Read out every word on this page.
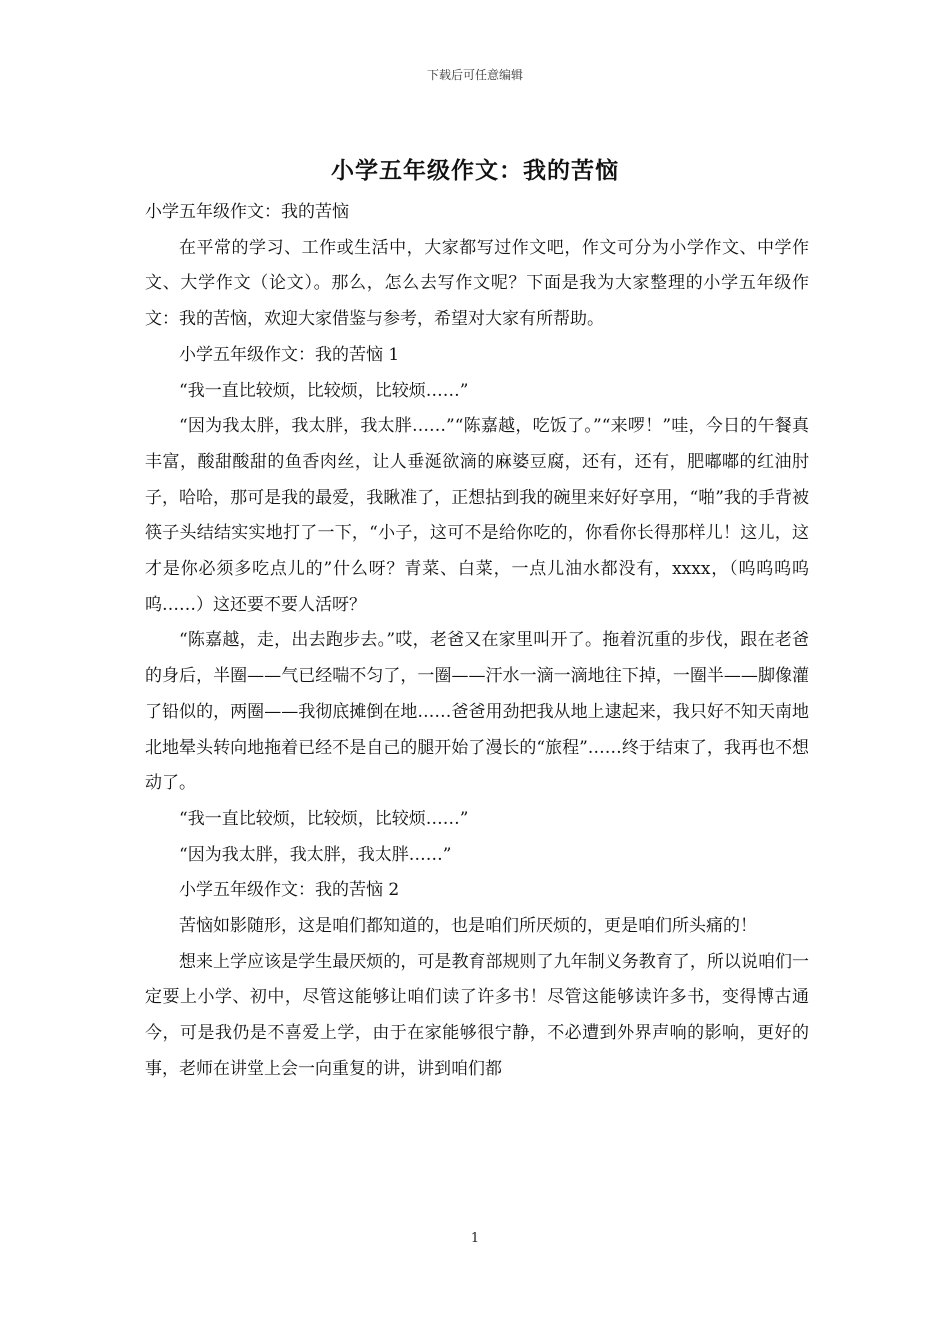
下载后可任意编辑
小学五年级作文：我的苦恼

小学五年级作文：我的苦恼

在平常的学习、工作或生活中，大家都写过作文吧，作文可分为小学作文、中学作文、大学作文（论文）。那么，怎么去写作文呢？下面是我为大家整理的小学五年级作文：我的苦恼，欢迎大家借鉴与参考，希望对大家有所帮助。

小学五年级作文：我的苦恼 1

“我一直比较烦，比较烦，比较烦……”

“因为我太胖，我太胖，我太胖……”“陈嘉越，吃饭了。”“来啰！”哇，今日的午餐真丰富，酸甜酸甜的鱼香肉丝，让人垂涎欲滴的麻婆豆腐，还有，还有，肥嘟嘟的红油肘子，哈哈，那可是我的最爱，我瞅准了，正想拈到我的碗里来好好享用，“啪”我的手背被筷子头结结实实地打了一下，“小子，这可不是给你吃的，你看你长得那样儿！这儿，这才是你必须多吃点儿的”什么呀？青菜、白菜，一点儿油水都没有，xxxx，（呜呜呜呜呜……）这还要不要人活呀？

“陈嘉越，走，出去跑步去。”哎，老爸又在家里叫开了。拖着沉重的步伐，跟在老爸的身后，半圈——气已经喘不匀了，一圈——汗水一滴一滴地往下掉，一圈半——脚像灌了铅似的，两圈——我彻底摊倒在地……爸爸用劲把我从地上逮起来，我只好不知天南地北地晕头转向地拖着已经不是自己的腿开始了漫长的“旅程”……终于结束了，我再也不想动了。

“我一直比较烦，比较烦，比较烦……”

“因为我太胖，我太胖，我太胖……”

小学五年级作文：我的苦恼 2

苦恼如影随形，这是咱们都知道的，也是咱们所厌烦的，更是咱们所头痛的！

想来上学应该是学生最厌烦的，可是教育部规则了九年制义务教育了，所以说咱们一定要上小学、初中，尽管这能够让咱们读了许多书！尽管这能够读许多书，变得博古通今，可是我仍是不喜爱上学，由于在家能够很宁静，不必遭到外界声响的影响，更好的事，老师在讲堂上会一向重复的讲，讲到咱们都

1
